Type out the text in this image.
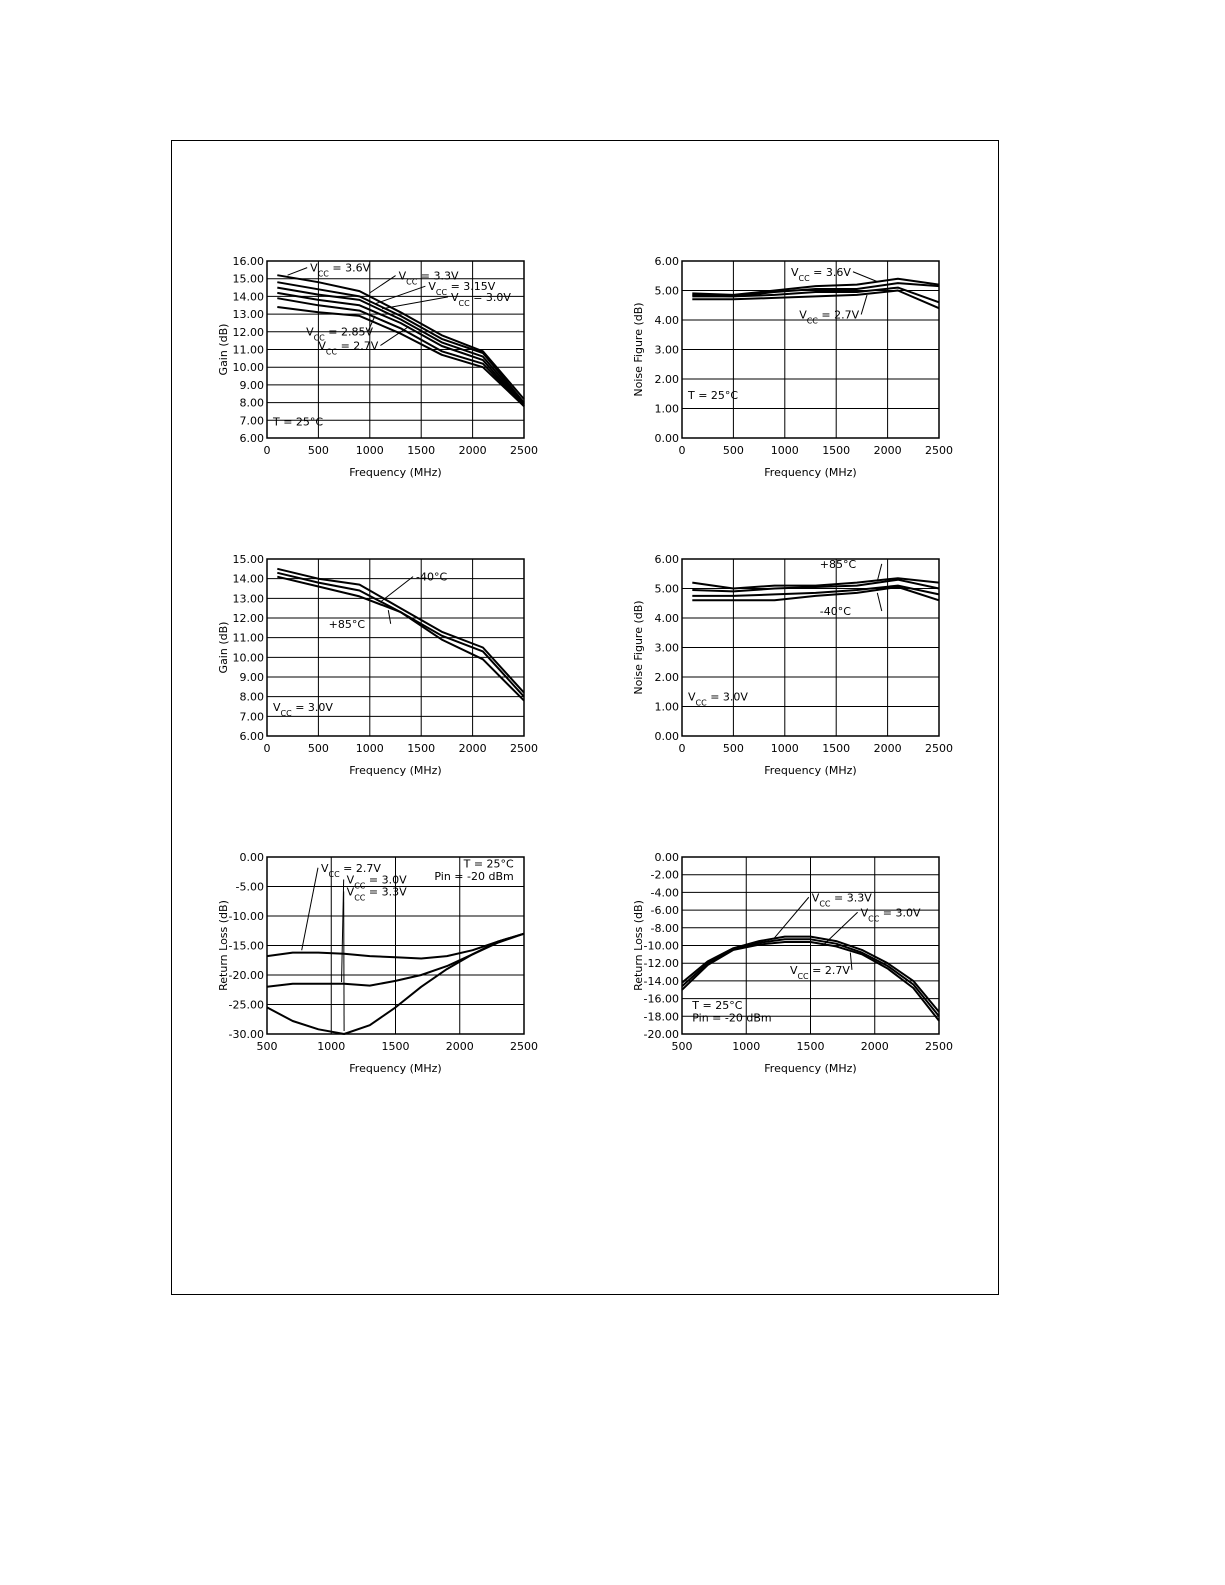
0	500 1000 1500 2000 2500
6.00
7.00
8.00
9.00
10.00
11.00
12.00
13.00
14.00
15.00
16.00
Frequency (MHz)
Gain (dB)
T = 25°C
$V_{CC} = 3.6V$
$V_{CC} = 3.3V$
$V_{CC} = 3.15V$
$V_{CC} = 3.0V$
$V_{CC} = 2.85V$
$V_{CC} = 2.7V$
0	500 1000 1500 2000 2500
0.00
1.00
2.00
3.00
4.00
5.00
6.00
Frequency (MHz)
Noise Figure (dB)	T = 25°C
$V_{CC} = 3.6V$
$V_{CC} = 2.7V$
0	500 1000 1500 2000 2500
6.00
7.00
8.00
9.00
10.00
11.00
12.00
13.00
14.00
15.00
Frequency (MHz)
Gain (dB)
$V_{CC} = 3.0V$
-40°C
+85°C
0	500 1000 1500 2000 2500
0.00
1.00
2.00
3.00
4.00
5.00
6.00
Frequency (MHz)
Noise Figure (dB)
$V_{CC} = 3.0V$
+85°C
-40°C
500	1000	1500	2000	2500
-30.00
-25.00
-20.00
-15.00
-10.00
-5.00
0.00
Frequency (MHz)
Return Loss (dB)
T = 25°C
Pin = -20 dBm
$V_{CC} = 2.7V$
$V_{CC} = 3.0V$
$V_{CC} = 3.3V$
500	1000	1500	2000	2500
-20.00
-18.00
-16.00
-14.00
-12.00
-10.00
-8.00
-6.00
-4.00
-2.00
0.00
Frequency (MHz)
Return Loss (dB)
T = 25°C
Pin = -20 dBm
$V_{CC} = 3.3V$
$V_{CC} = 3.0V$
$V_{CC} = 2.7V$
